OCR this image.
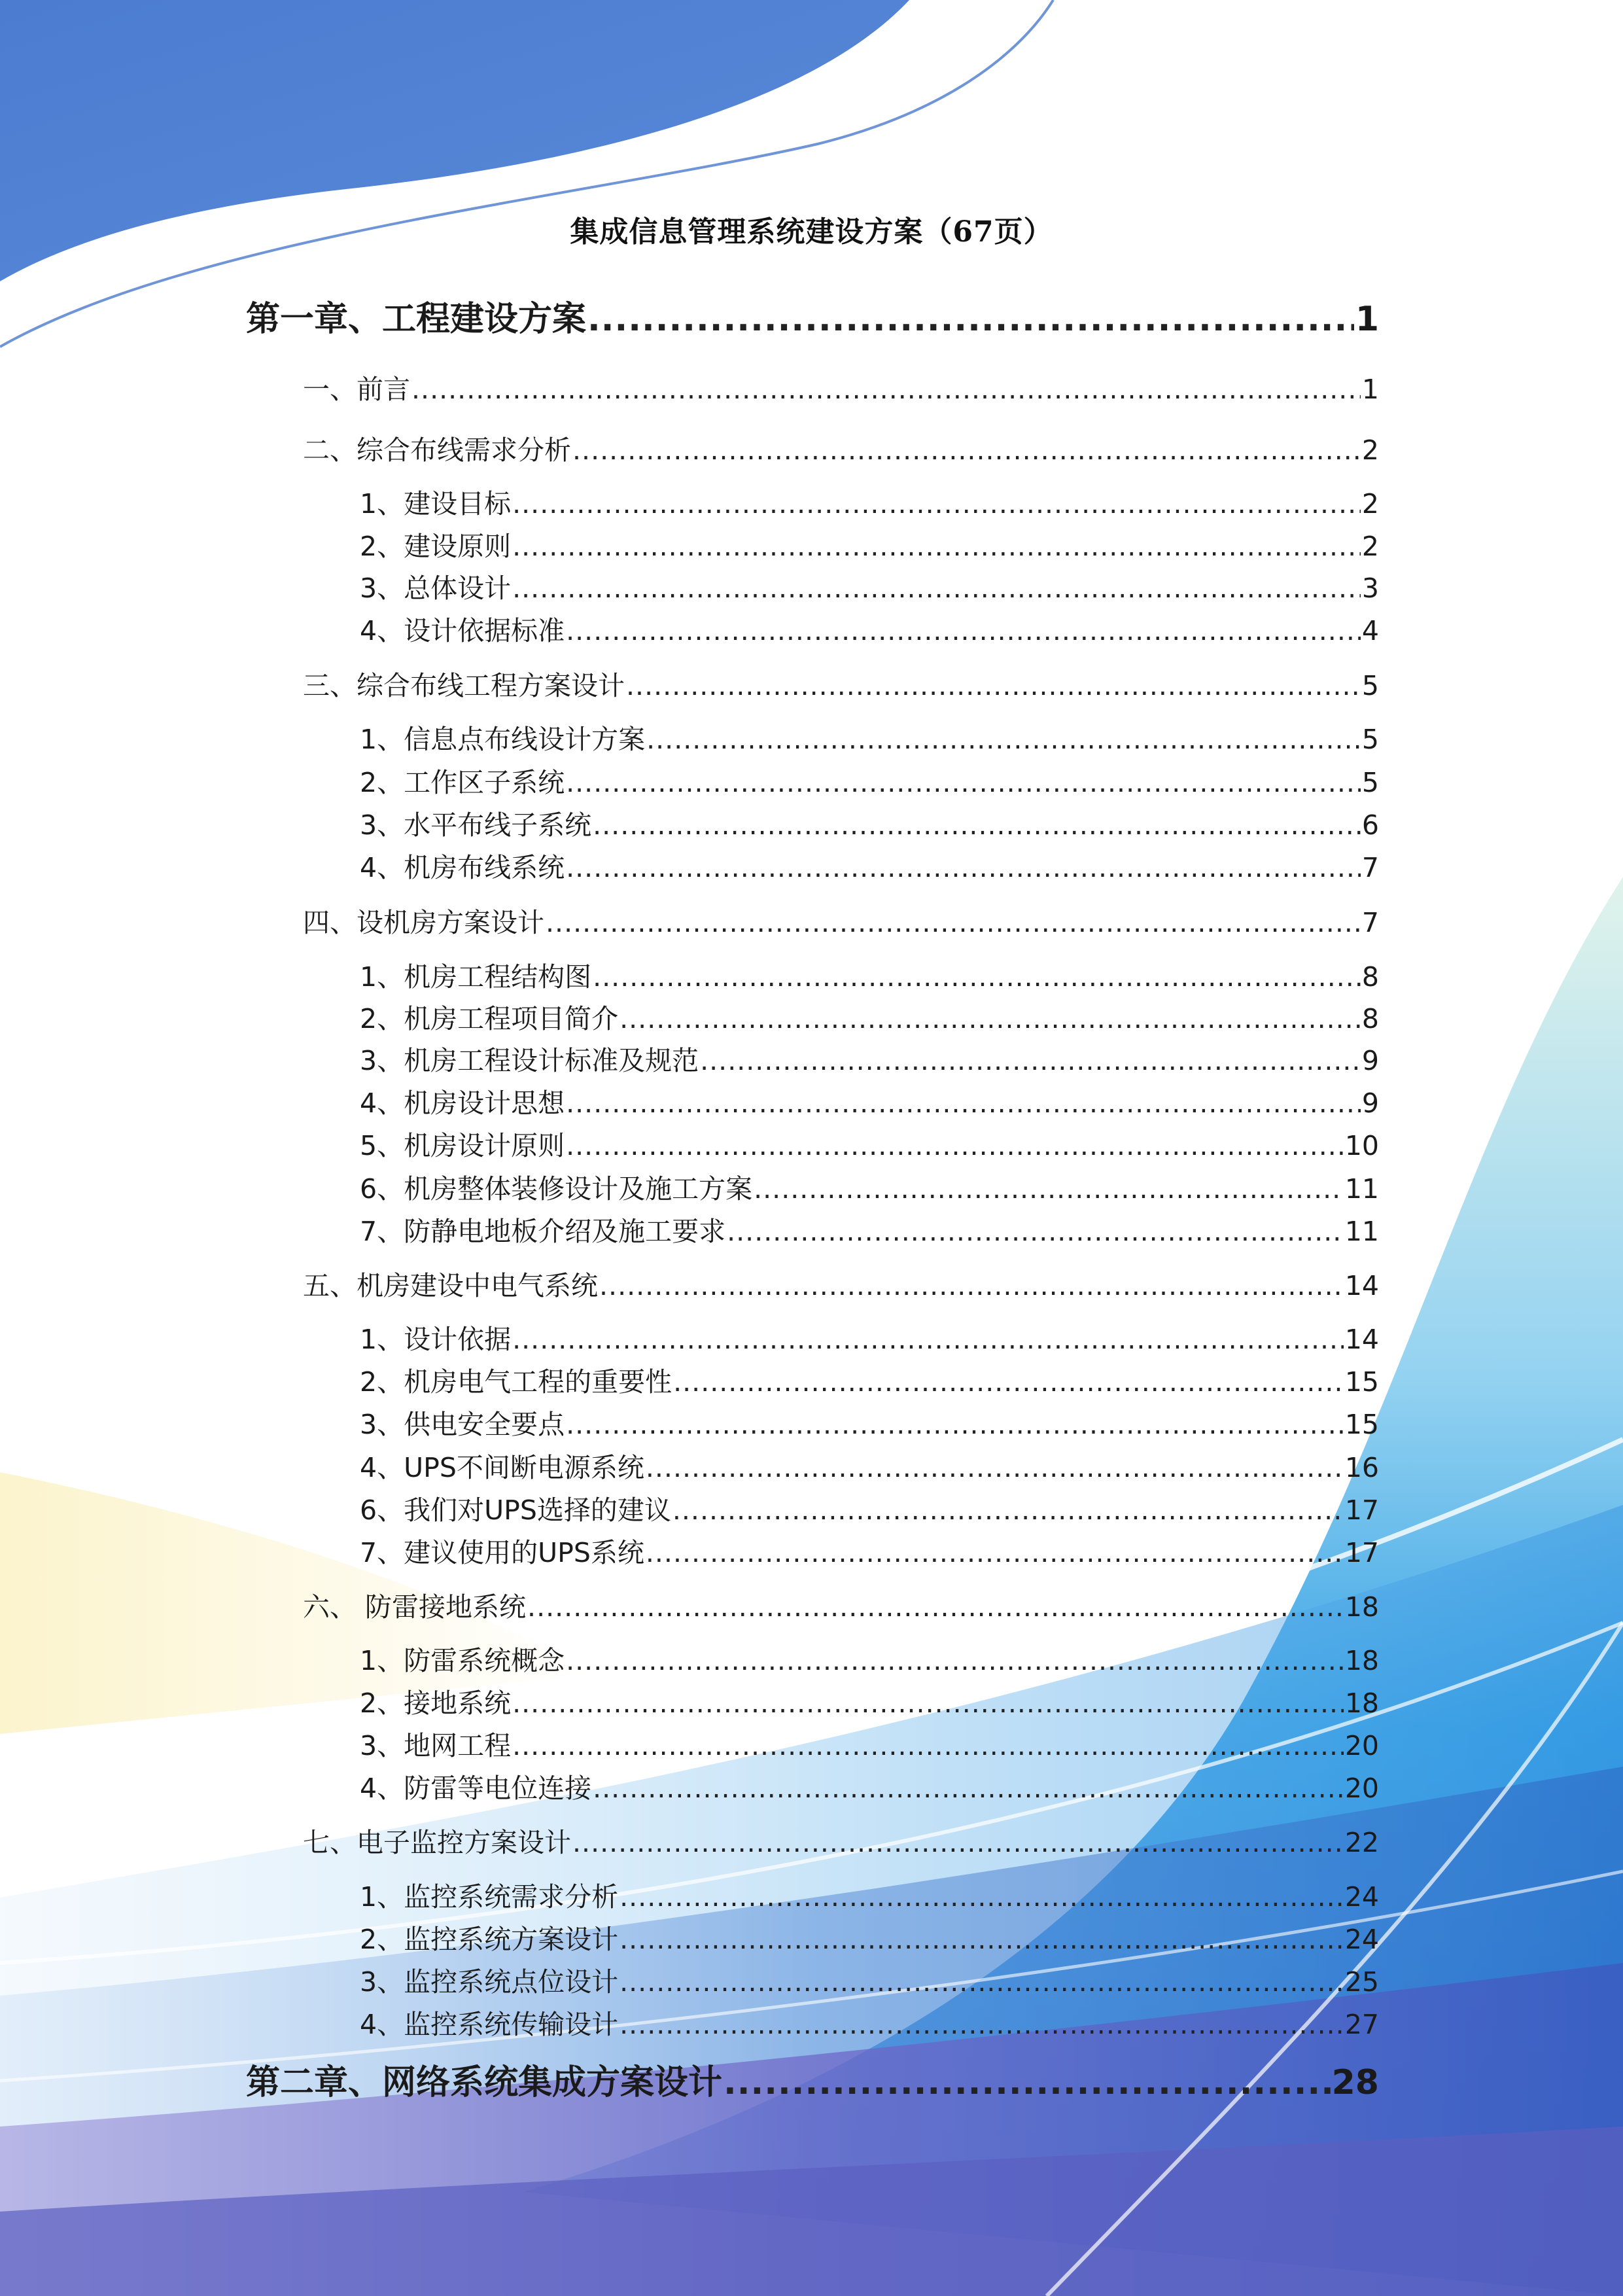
集成信息管理系统建设方案（67页）
第一章、工程建设方案 .....	1
一、前言 .....	1
二、综合布线需求分析 .....	2
1、建设目标 .....	2
2、建设原则 .....	2
3、总体设计 .....	3
4、设计依据标准 .....	4
三、综合布线工程方案设计 .....	5
1、信息点布线设计方案 .....	5
2、工作区子系统 .....	5
3、水平布线子系统 .....	6
4、机房布线系统 .....	7
四、设机房方案设计 .....	7
1、机房工程结构图 .....	8
2、机房工程项目简介 .....	8
3、机房工程设计标准及规范 .....	9
4、机房设计思想 .....	9
5、机房设计原则 .....	10
6、机房整体装修设计及施工方案 .....	11
7、防静电地板介绍及施工要求 .....	11
五、机房建设中电气系统 .....	14
1、设计依据 .....	14
2、机房电气工程的重要性 .....	15
3、供电安全要点 .....	15
4、UPS不间断电源系统 .....	16
6、我们对UPS选择的建议 .....	17
7、建议使用的UPS系统 .....	17
六、 防雷接地系统 .....	18
1、防雷系统概念 .....	18
2、接地系统 .....	18
3、地网工程 .....	20
4、防雷等电位连接 .....	20
七、电子监控方案设计 .....	22
1、监控系统需求分析 .....	24
2、监控系统方案设计 .....	24
3、监控系统点位设计 .....	25
4、监控系统传输设计 .....	27
第二章、网络系统集成方案设计 .....	28
